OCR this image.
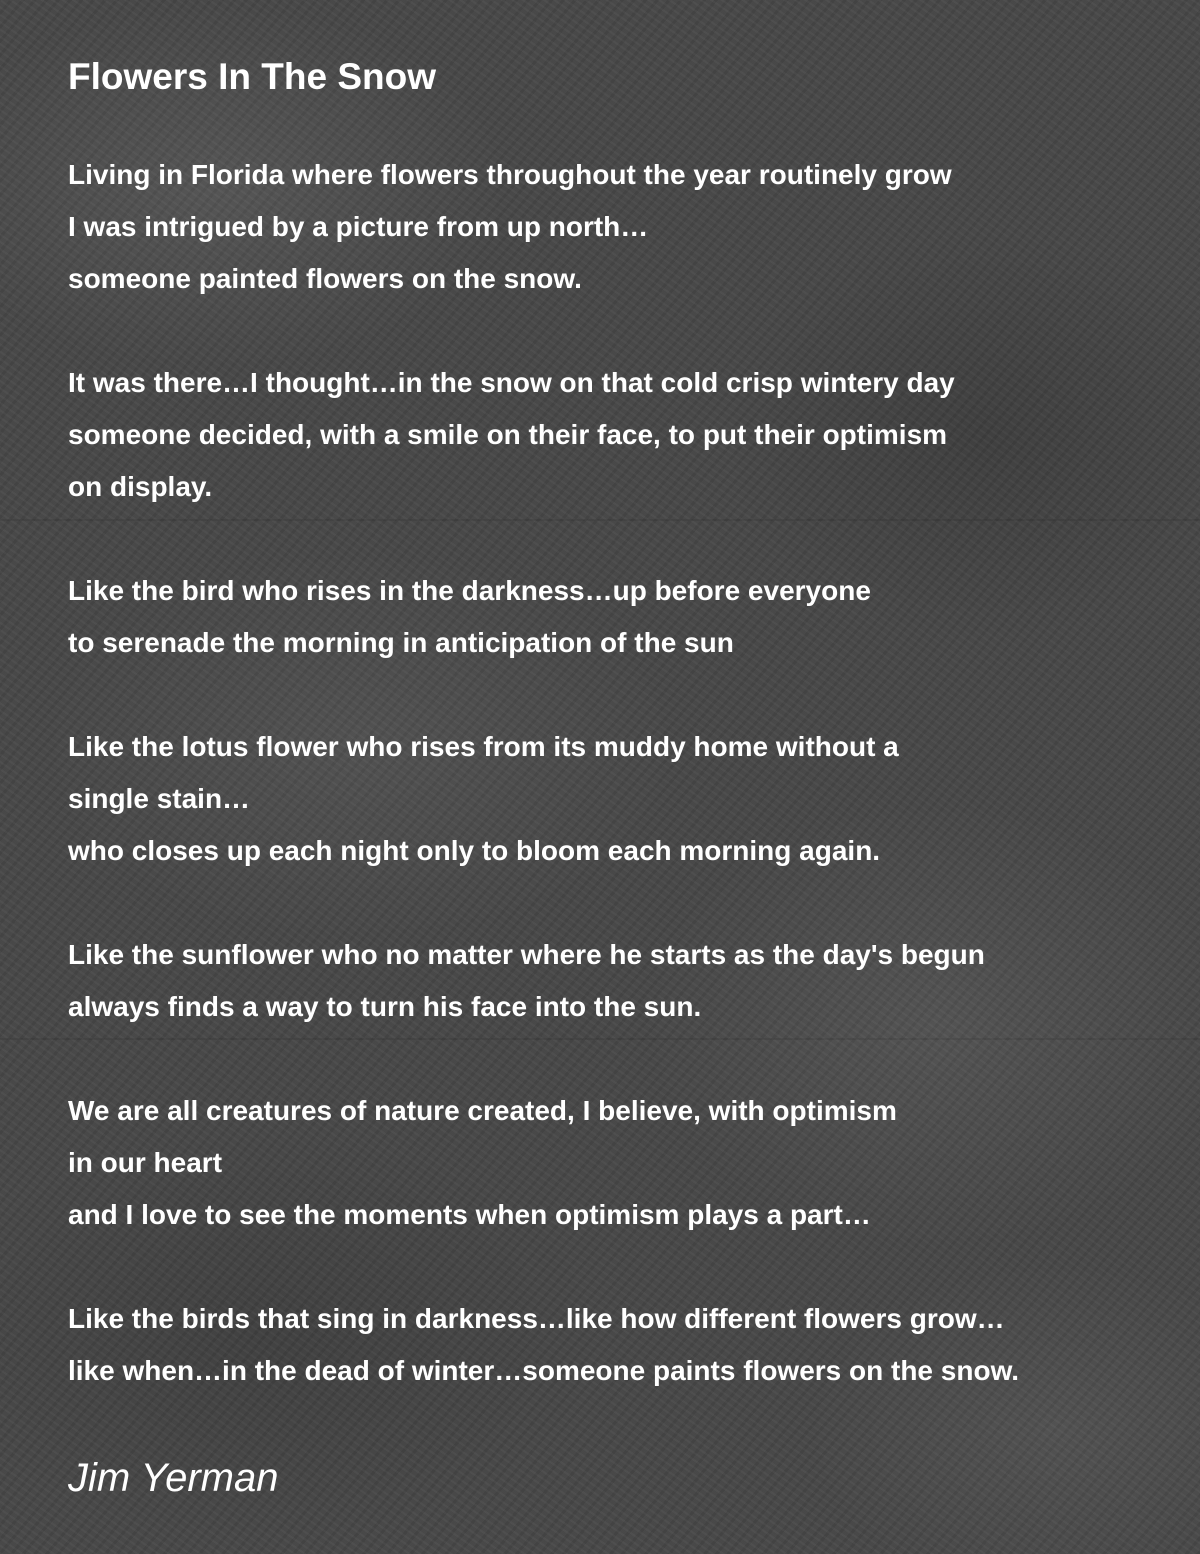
Flowers In The Snow
Living in Florida where flowers throughout the year routinely grow
I was intrigued by a picture from up north…
someone painted flowers on the snow.
It was there…I thought…in the snow on that cold crisp wintery day
someone decided, with a smile on their face, to put their optimism
on display.
Like the bird who rises in the darkness…up before everyone
to serenade the morning in anticipation of the sun
Like the lotus flower who rises from its muddy home without a
single stain…
who closes up each night only to bloom each morning again.
Like the sunflower who no matter where he starts as the day's begun
always finds a way to turn his face into the sun.
We are all creatures of nature created, I believe, with optimism
in our heart
and I love to see the moments when optimism plays a part…
Like the birds that sing in darkness…like how different flowers grow…
like when…in the dead of winter…someone paints flowers on the snow.
Jim Yerman
